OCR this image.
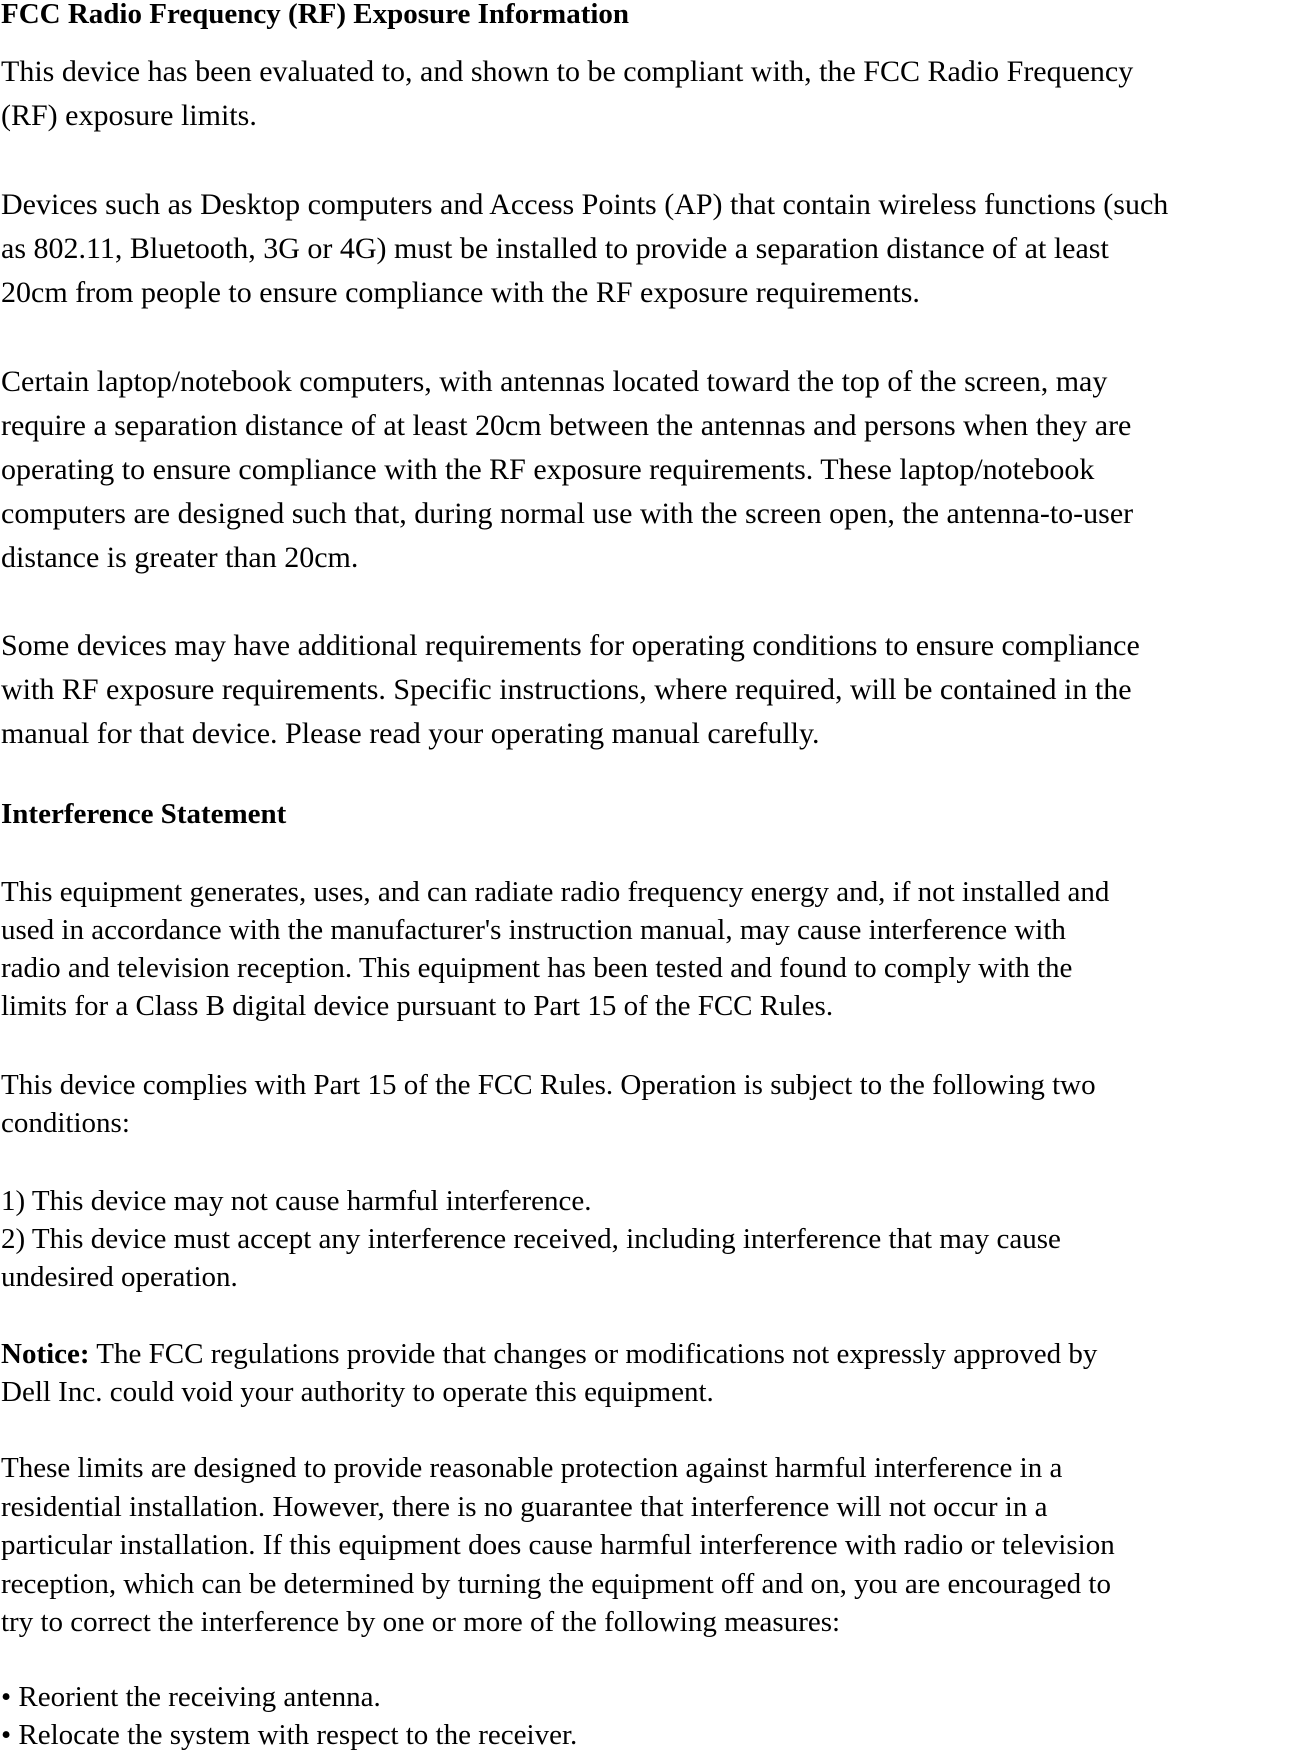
FCC Radio Frequency (RF) Exposure Information
This device has been evaluated to, and shown to be compliant with, the FCC Radio Frequency
(RF) exposure limits.
Devices such as Desktop computers and Access Points (AP) that contain wireless functions (such
as 802.11, Bluetooth, 3G or 4G) must be installed to provide a separation distance of at least
20cm from people to ensure compliance with the RF exposure requirements.
Certain laptop/notebook computers, with antennas located toward the top of the screen, may
require a separation distance of at least 20cm between the antennas and persons when they are
operating to ensure compliance with the RF exposure requirements. These laptop/notebook
computers are designed such that, during normal use with the screen open, the antenna-to-user
distance is greater than 20cm.
Some devices may have additional requirements for operating conditions to ensure compliance
with RF exposure requirements. Specific instructions, where required, will be contained in the
manual for that device. Please read your operating manual carefully.
Interference Statement
This equipment generates, uses, and can radiate radio frequency energy and, if not installed and
used in accordance with the manufacturer's instruction manual, may cause interference with
radio and television reception. This equipment has been tested and found to comply with the
limits for a Class B digital device pursuant to Part 15 of the FCC Rules.
This device complies with Part 15 of the FCC Rules. Operation is subject to the following two
conditions:
1) This device may not cause harmful interference.
2) This device must accept any interference received, including interference that may cause
undesired operation.
Notice: The FCC regulations provide that changes or modifications not expressly approved by
Dell Inc. could void your authority to operate this equipment.
These limits are designed to provide reasonable protection against harmful interference in a
residential installation. However, there is no guarantee that interference will not occur in a
particular installation. If this equipment does cause harmful interference with radio or television
reception, which can be determined by turning the equipment off and on, you are encouraged to
try to correct the interference by one or more of the following measures:
• Reorient the receiving antenna.
• Relocate the system with respect to the receiver.
